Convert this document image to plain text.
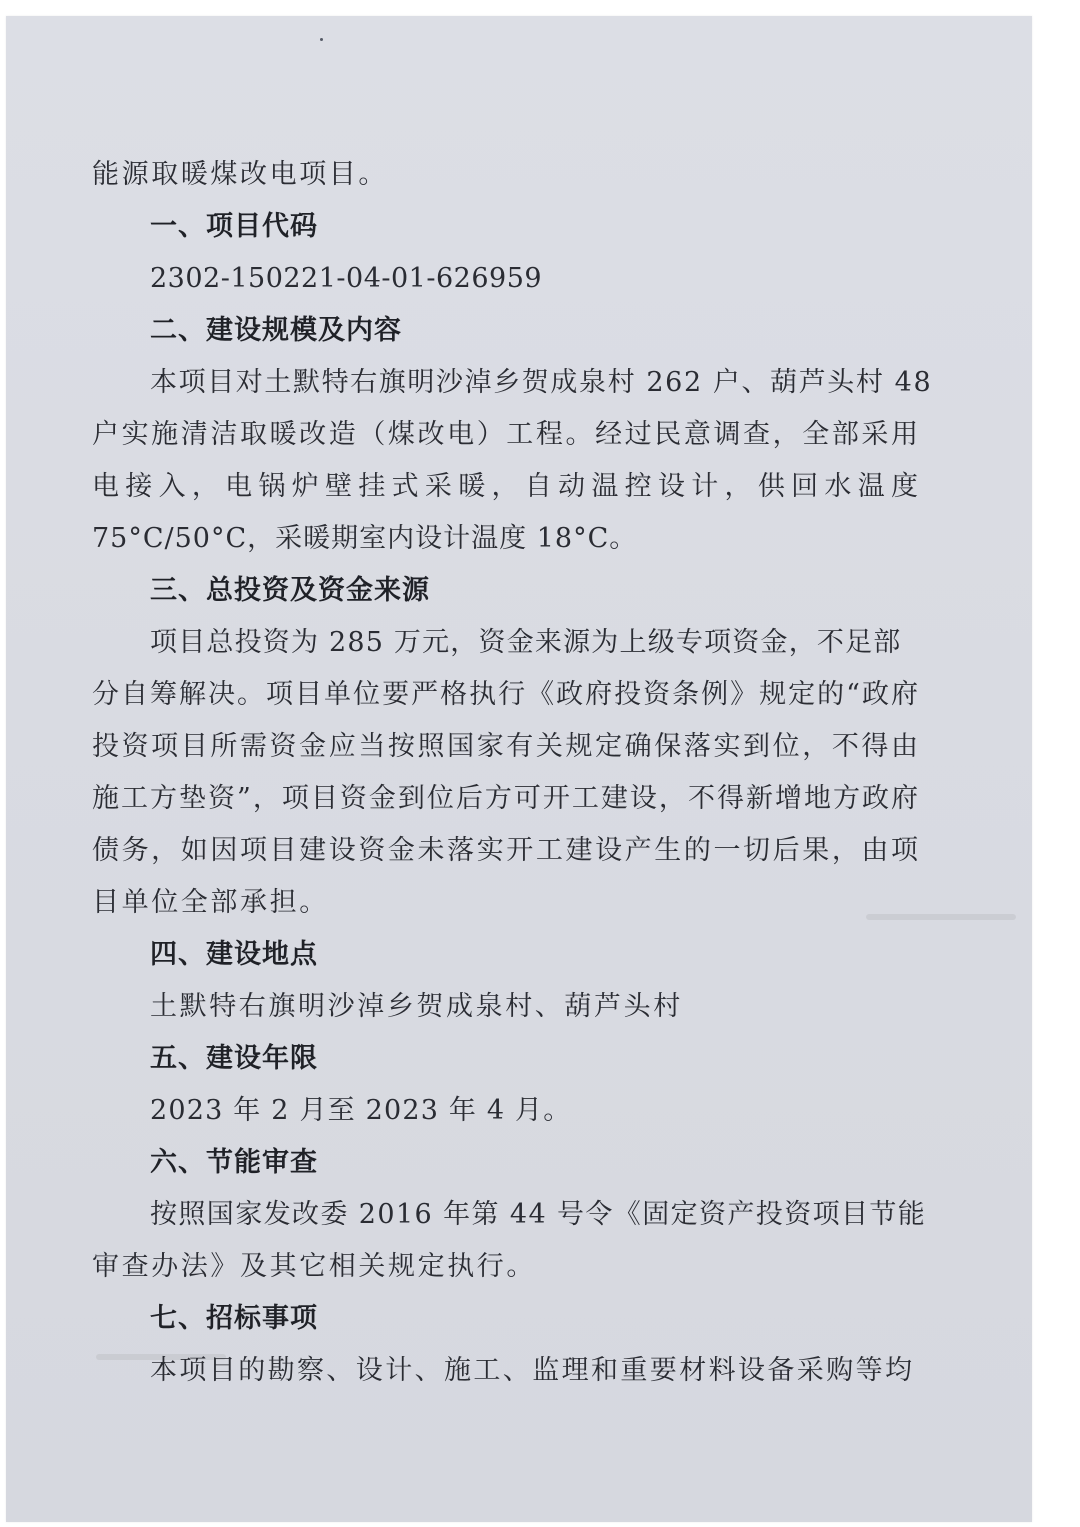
能源取暖煤改电项目。
一、项目代码
2302-150221-04-01-626959
二、建设规模及内容
本项目对土默特右旗明沙淖乡贺成泉村 262 户、葫芦头村 48
户实施清洁取暖改造（煤改电）工程。经过民意调查，全部采用
电接入，电锅炉壁挂式采暖，自动温控设计，供回水温度
75°C/50°C，采暖期室内设计温度 18°C。
三、总投资及资金来源
项目总投资为 285 万元，资金来源为上级专项资金，不足部
分自筹解决。项目单位要严格执行《政府投资条例》规定的“政府
投资项目所需资金应当按照国家有关规定确保落实到位，不得由
施工方垫资”，项目资金到位后方可开工建设，不得新增地方政府
债务，如因项目建设资金未落实开工建设产生的一切后果，由项
目单位全部承担。
四、建设地点
土默特右旗明沙淖乡贺成泉村、葫芦头村
五、建设年限
2023 年 2 月至 2023 年 4 月。
六、节能审查
按照国家发改委 2016 年第 44 号令《固定资产投资项目节能
审查办法》及其它相关规定执行。
七、招标事项
本项目的勘察、设计、施工、监理和重要材料设备采购等均
